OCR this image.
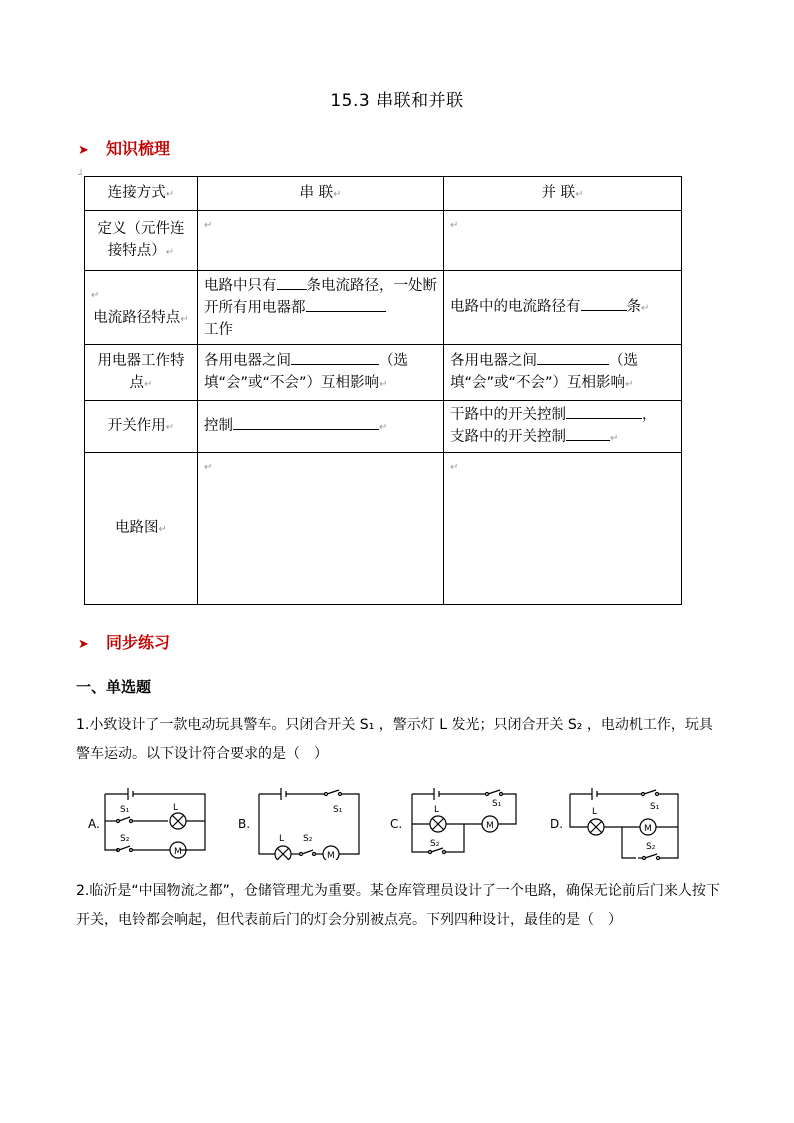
15.3 串联和并联
➤ 知识梳理
┘
连接方式↵	串 联↵	并 联↵
定义（元件连接特点）↵	↵	↵

↵
电流路径特点↵	电路中只有 条电流路径，一处断开所有用电器都
工作	电路中的电流路径有 条↵
用电器工作特点↵	各用电器之间 （选填“会”或“不会”）互相影响↵	各用电器之间 （选填“会”或“不会”）互相影响↵
开关作用↵	控制 ↵	干路中的开关控制 ，
支路中的开关控制 ↵
电路图↵	↵	↵
➤ 同步练习
一、单选题
1.小致设计了一款电动玩具警车。只闭合开关 S₁ ，警示灯 L 发光；只闭合开关 S₂ ，电动机工作，玩具警车运动。以下设计符合要求的是（　）
A.
M
S₁	L
S₂
B.
M
S₁
L S₂
C.	M
S₁
L
S₂
D.	M
S₁
L
S₂
2.临沂是“中国物流之都”，仓储管理尤为重要。某仓库管理员设计了一个电路，确保无论前后门来人按下开关，电铃都会响起，但代表前后门的灯会分别被点亮。下列四种设计，最佳的是（　）
